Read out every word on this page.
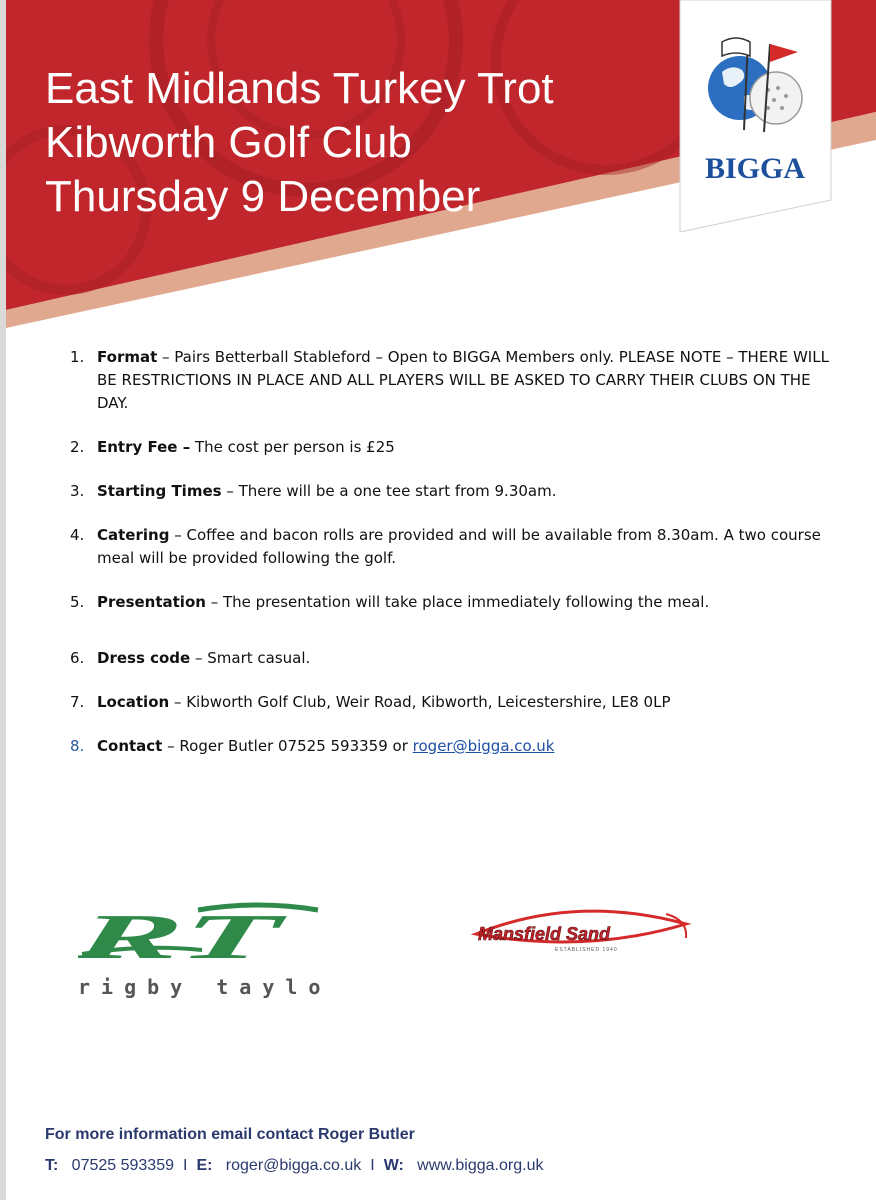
East Midlands Turkey Trot
Kibworth Golf Club
Thursday 9 December
BIGGA
1. Format – Pairs Betterball Stableford – Open to BIGGA Members only. PLEASE NOTE – THERE WILL BE RESTRICTIONS IN PLACE AND ALL PLAYERS WILL BE ASKED TO CARRY THEIR CLUBS ON THE DAY.
2. Entry Fee – The cost per person is £25
3. Starting Times – There will be a one tee start from 9.30am.
4. Catering – Coffee and bacon rolls are provided and will be available from 8.30am. A two course meal will be provided following the golf.
5. Presentation – The presentation will take place immediately following the meal.
6. Dress code – Smart casual.
7. Location – Kibworth Golf Club, Weir Road, Kibworth, Leicestershire, LE8 0LP
8. Contact – Roger Butler 07525 593359 or roger@bigga.co.uk
RT
rigby taylor
Mansfield Sand
ESTABLISHED 1940
For more information email contact Roger Butler
T: 07525 593359 I E: roger@bigga.co.uk I W: www.bigga.org.uk
